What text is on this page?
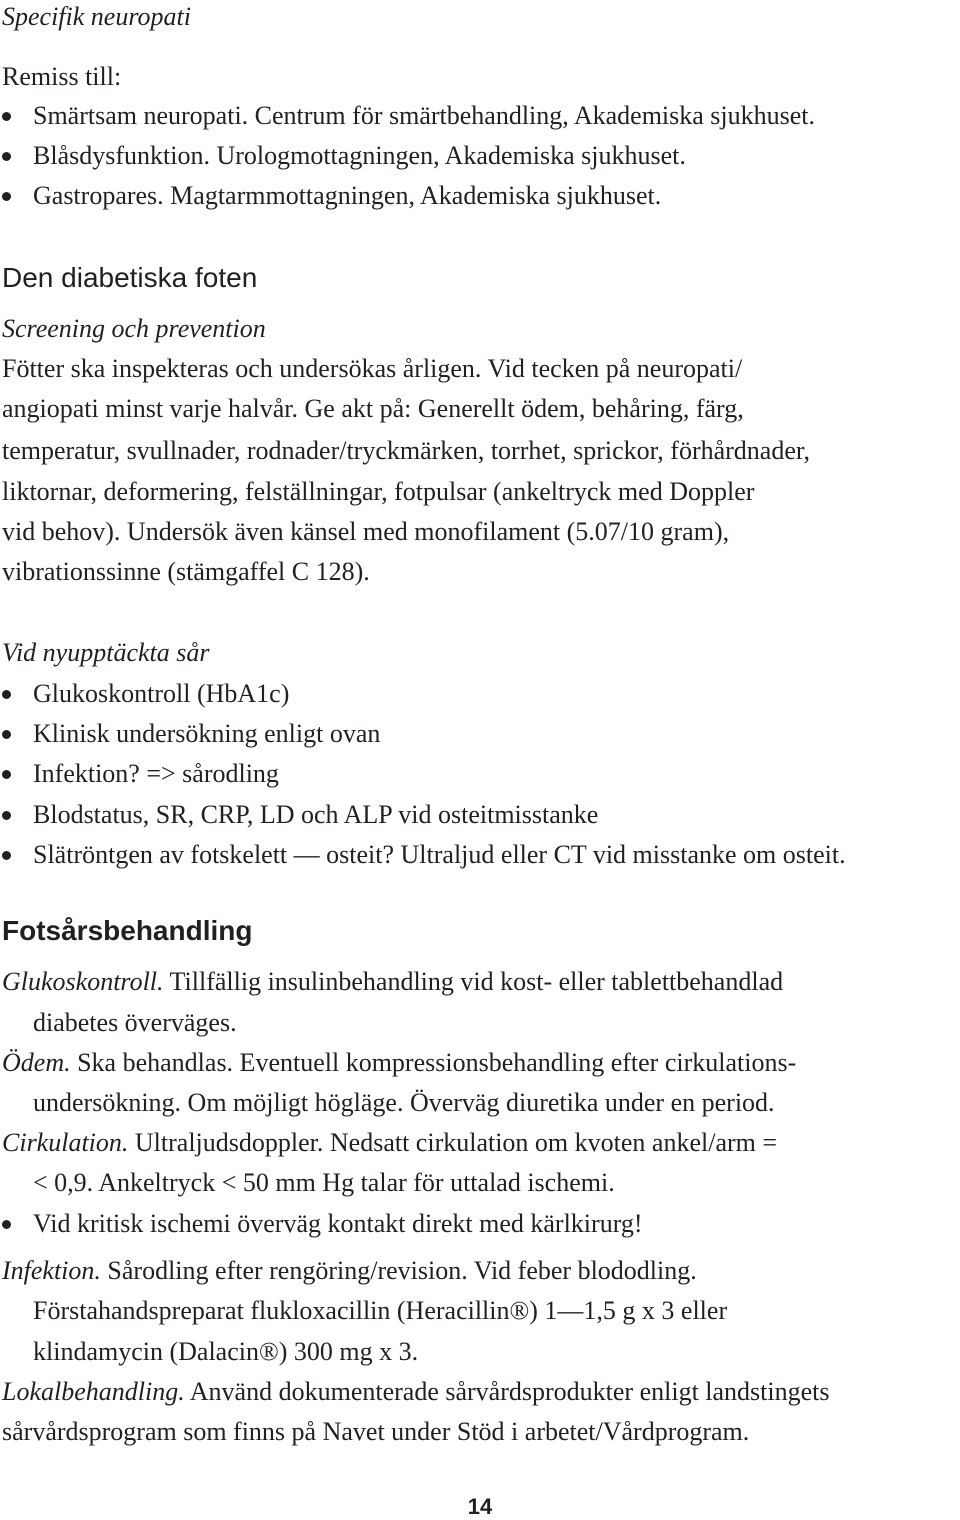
Specifik neuropati

Remiss till:

Smärtsam neuropati. Centrum för smärtbehandling, Akademiska sjukhuset.

Blåsdysfunktion. Urologmottagningen, Akademiska sjukhuset.

Gastropares. Magtarmmottagningen, Akademiska sjukhuset.

Den diabetiska foten

Screening och prevention

Fötter ska inspekteras och undersökas årligen. Vid tecken på neuropati/

angiopati minst varje halvår. Ge akt på: Generellt ödem, behåring, färg,

temperatur, svullnader, rodnader/tryckmärken, torrhet, sprickor, förhårdnader,

liktornar, deformering, felställningar, fotpulsar (ankeltryck med Doppler

vid behov). Undersök även känsel med monofilament (5.07/10 gram),

vibrationssinne (stämgaffel C 128).

Vid nyupptäckta sår

Glukoskontroll (HbA1c)

Klinisk undersökning enligt ovan

Infektion? => sårodling

Blodstatus, SR, CRP, LD och ALP vid osteitmisstanke

Slätröntgen av fotskelett — osteit? Ultraljud eller CT vid misstanke om osteit.

Fotsårsbehandling

Glukoskontroll. Tillfällig insulinbehandling vid kost- eller tablettbehandlad

diabetes överväges.

Ödem. Ska behandlas. Eventuell kompressionsbehandling efter cirkulations-

undersökning. Om möjligt högläge. Överväg diuretika under en period.

Cirkulation. Ultraljudsdoppler. Nedsatt cirkulation om kvoten ankel/arm =

< 0,9. Ankeltryck < 50 mm Hg talar för uttalad ischemi.

Vid kritisk ischemi överväg kontakt direkt med kärlkirurg!

Infektion. Sårodling efter rengöring/revision. Vid feber blododling.

Förstahandspreparat flukloxacillin (Heracillin®) 1—1,5 g x 3 eller

klindamycin (Dalacin®) 300 mg x 3.

Lokalbehandling. Använd dokumenterade sårvårdsprodukter enligt landstingets

sårvårdsprogram som finns på Navet under Stöd i arbetet/Vårdprogram.

14
